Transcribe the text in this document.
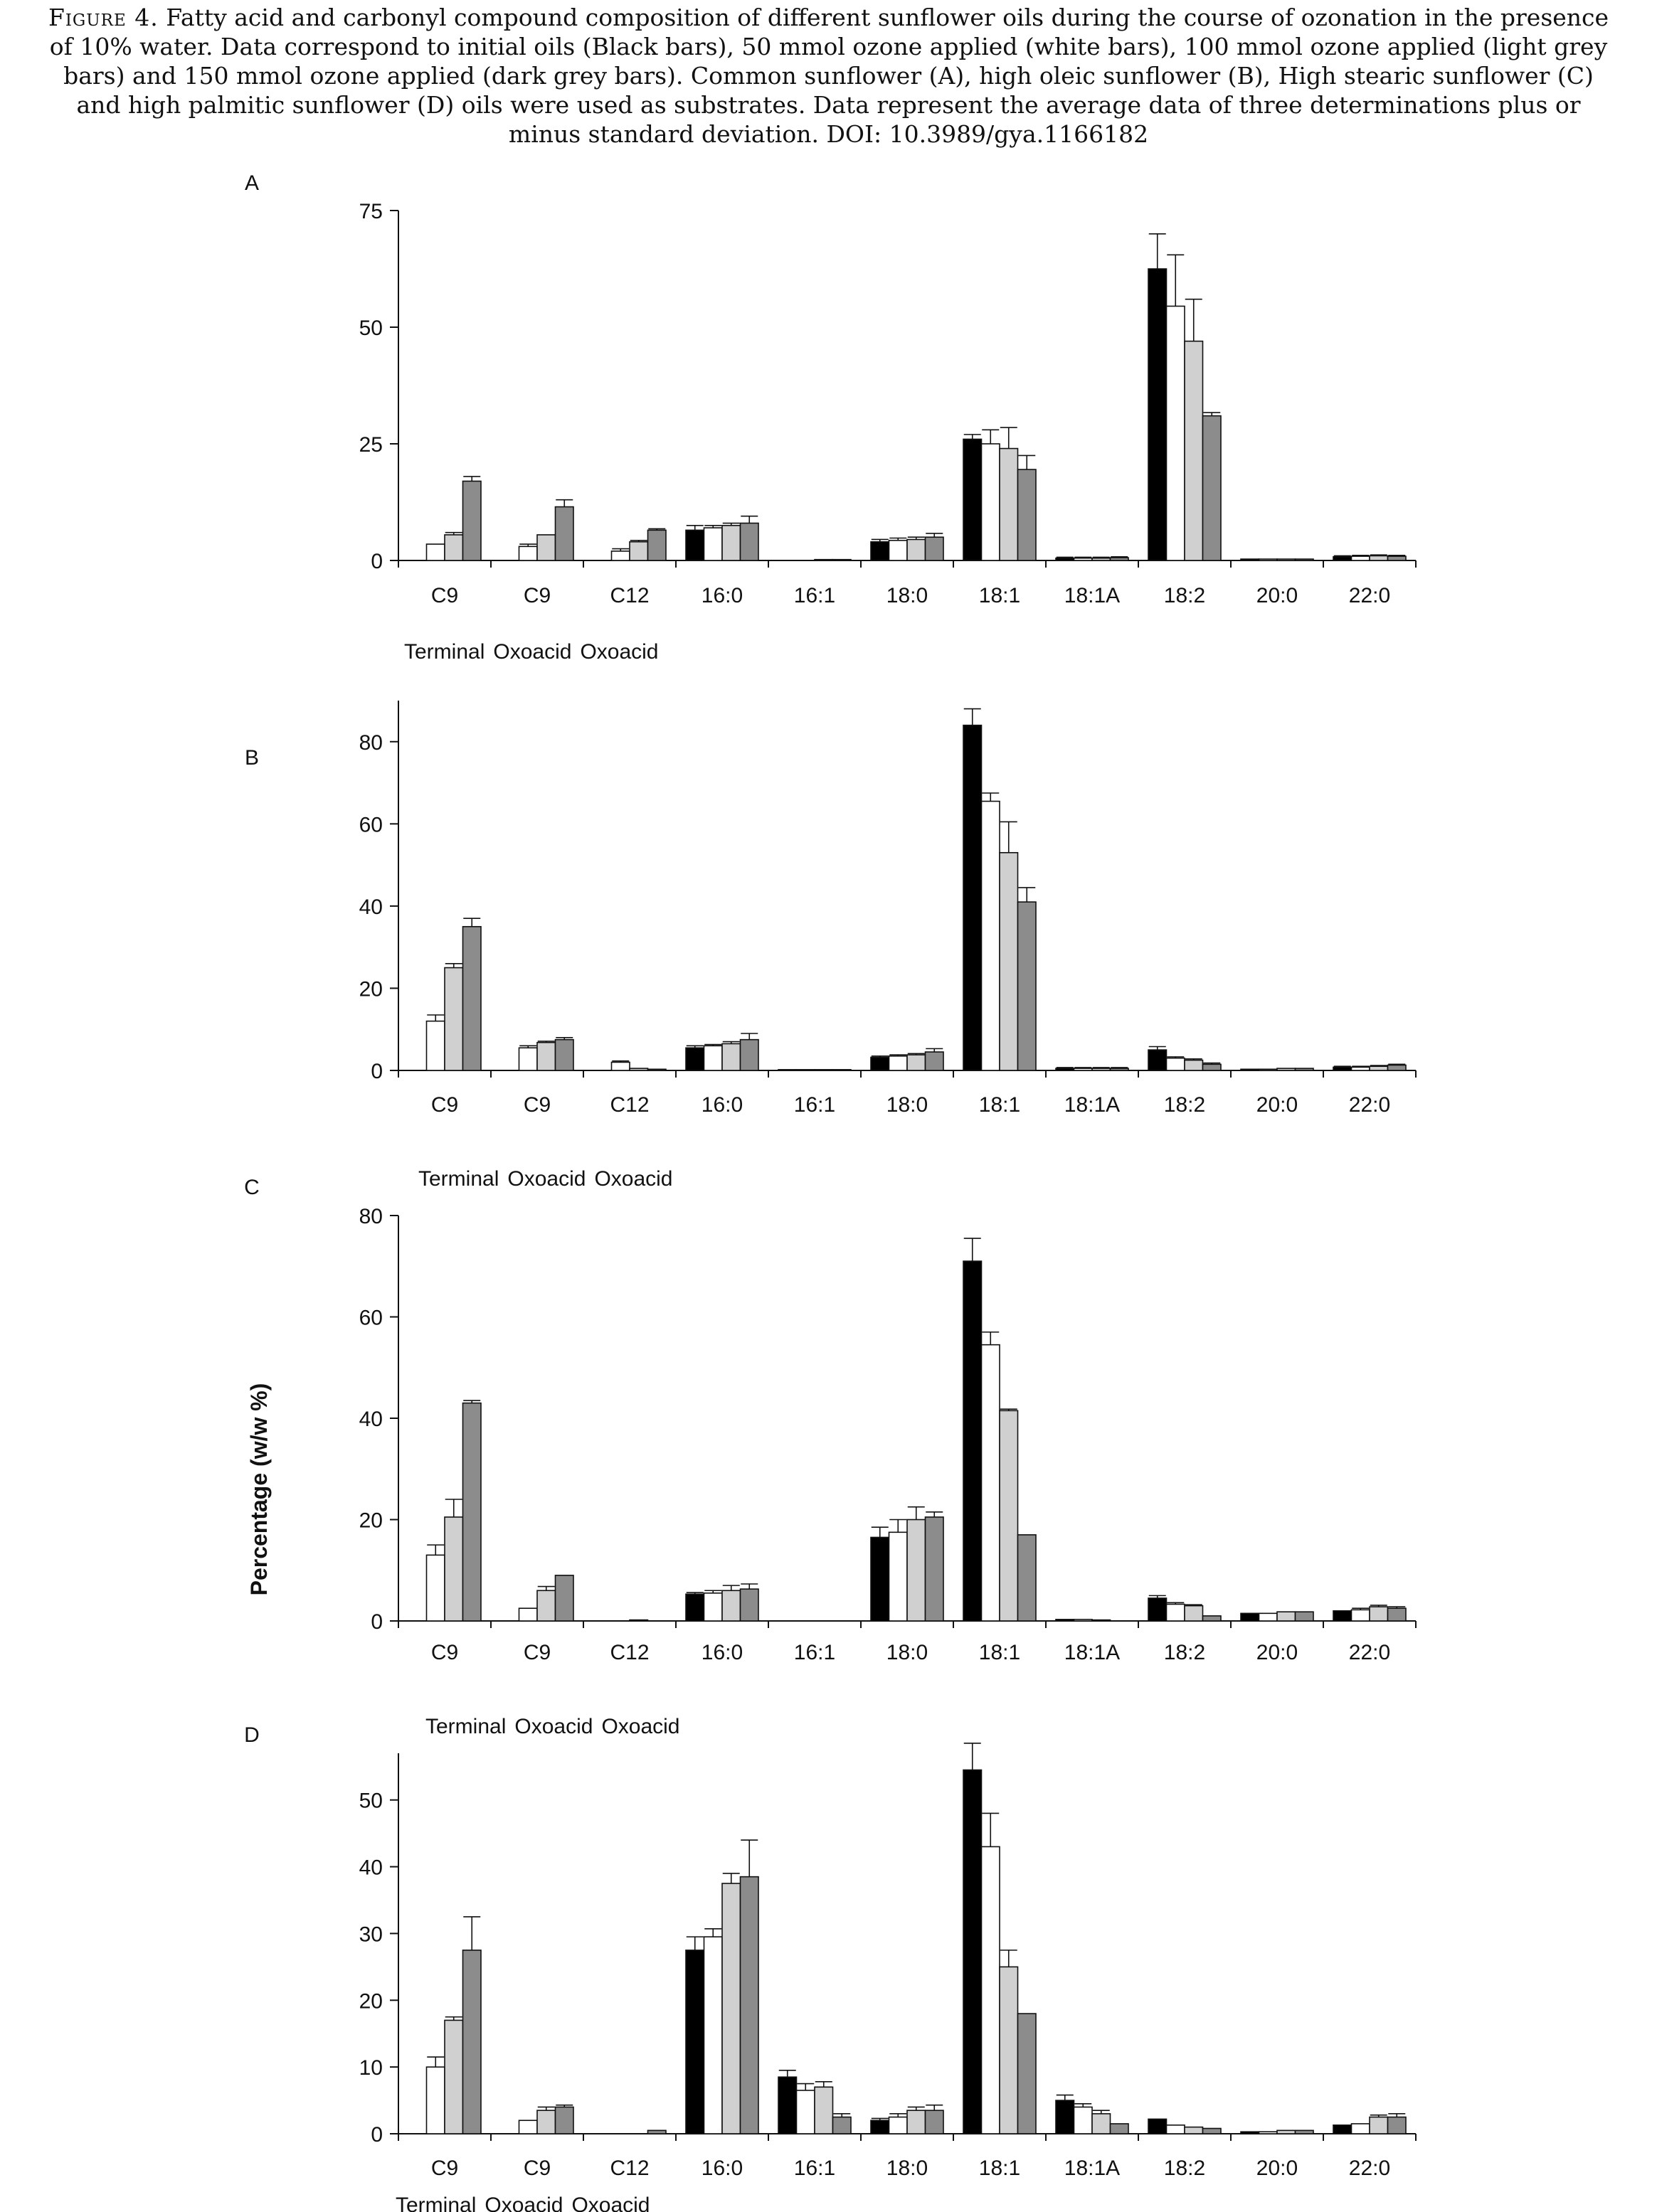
Figure 4. Fatty acid and carbonyl compound composition of different sunflower oils during the course of ozonation in the presence of 10% water. Data correspond to initial oils (Black bars), 50 mmol ozone applied (white bars), 100 mmol ozone applied (light grey bars) and 150 mmol ozone applied (dark grey bars). Common sunflower (A), high oleic sunflower (B), High stearic sunflower (C) and high palmitic sunflower (D) oils were used as substrates. Data represent the average data of three determinations plus or minus standard deviation. DOI: 10.3989/gya.1166182
A
0
25
50
75
C9	C9	C12 16:0 16:1 18:0 18:1 18:1A 18:2 20:0 22:0
Terminal Oxoacid Oxoacid
B
0
20
40
60
80
C9	C9	C12 16:0 16:1 18:0 18:1 18:1A 18:2 20:0 22:0
Terminal Oxoacid Oxoacid
C
0
20
40
60
80
C9	C9	C12 16:0 16:1 18:0 18:1 18:1A 18:2 20:0 22:0
Terminal Oxoacid Oxoacid
Percentage (w/w %)
D
0
10
20
30
40
50
C9	C9	C12 16:0 16:1 18:0 18:1 18:1A 18:2 20:0 22:0
Terminal Oxoacid Oxoacid
